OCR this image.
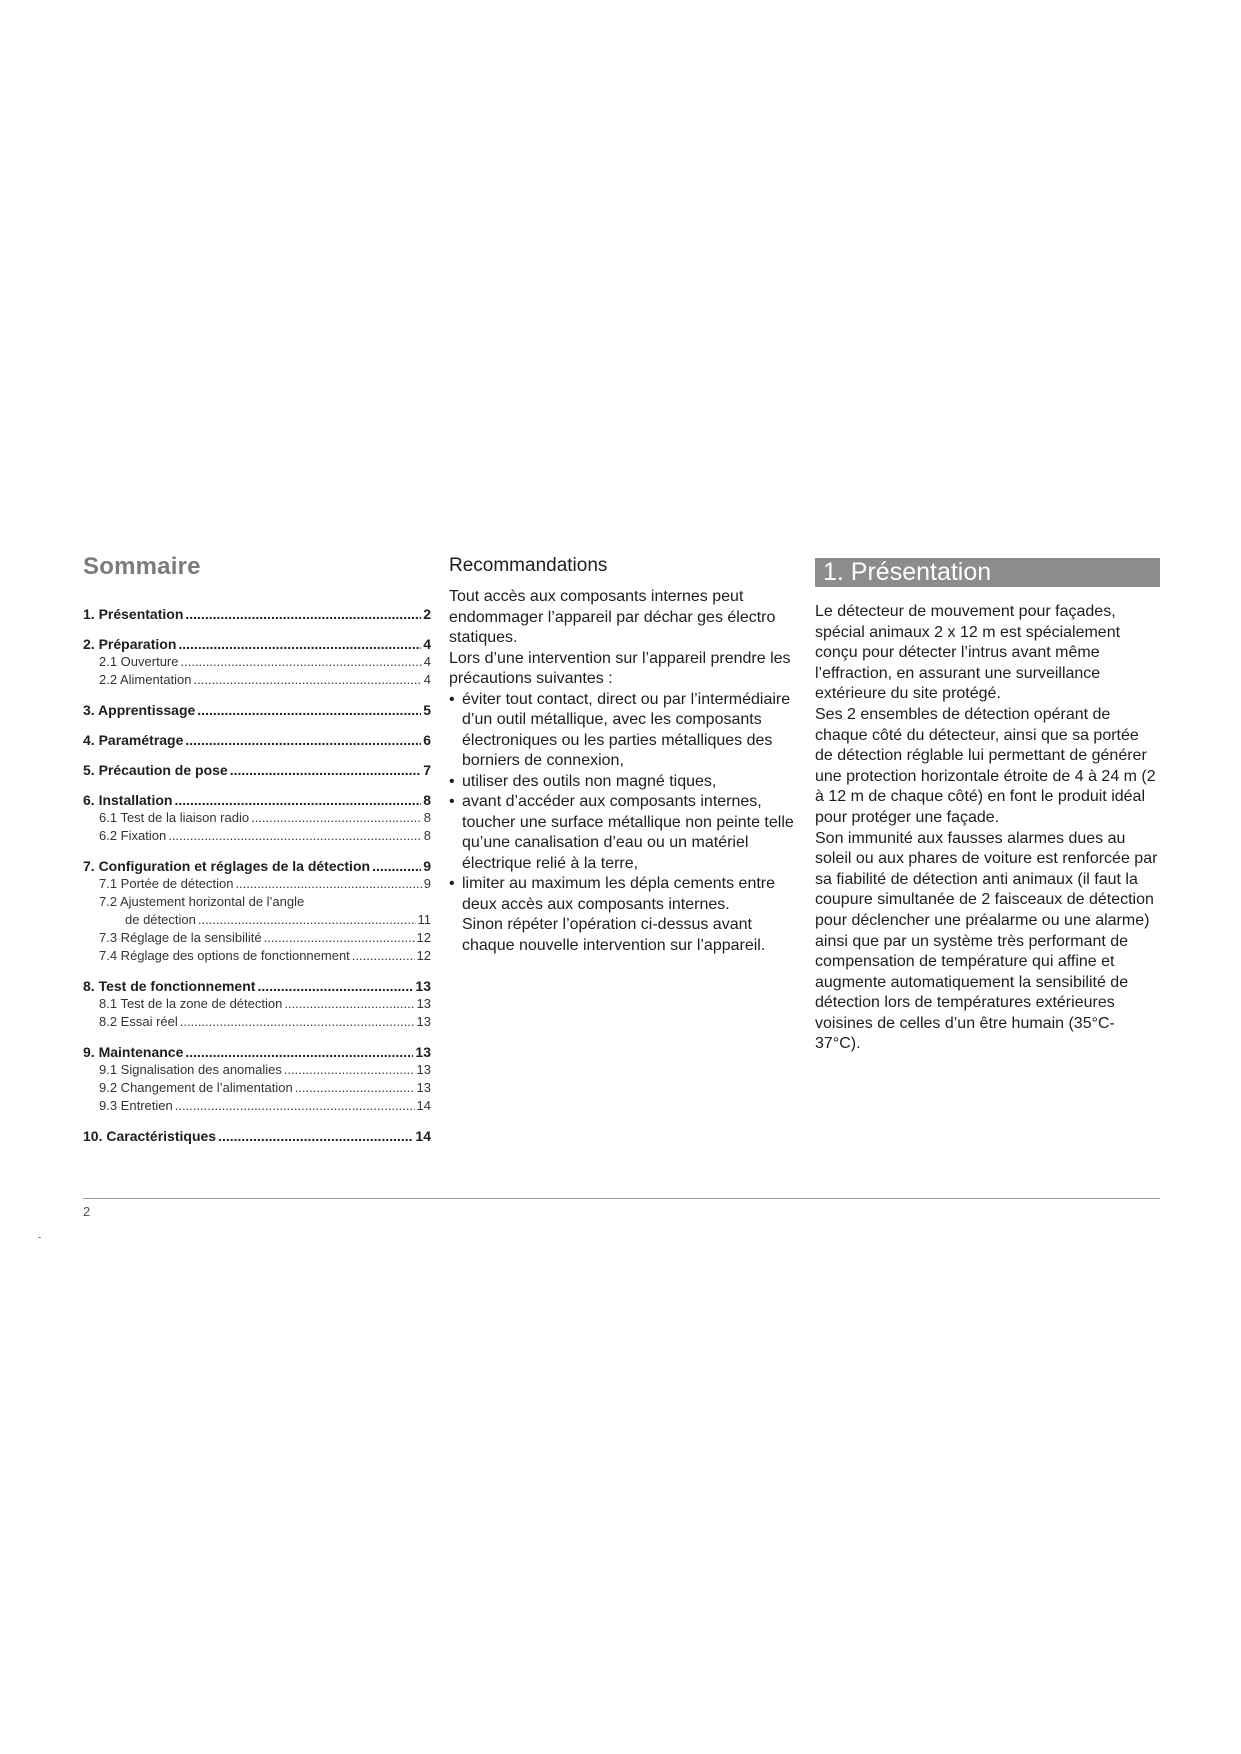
Sommaire
1. Présentation .....	2
2. Préparation .....	4
2.1 Ouverture .....	4
2.2 Alimentation .....	4
3. Apprentissage .....	5
4. Paramétrage .....	6
5. Précaution de pose .....	7
6. Installation .....	8
6.1 Test de la liaison radio .....	8
6.2 Fixation .....	8
7. Configuration et réglages de la détection .....	9
7.1 Portée de détection .....	9
7.2 Ajustement horizontal de l’angle
de détection .....	11
7.3 Réglage de la sensibilité .....	12
7.4 Réglage des options de fonctionnement .....	12
8. Test de fonctionnement .....	13
8.1 Test de la zone de détection .....	13
8.2 Essai réel .....	13
9. Maintenance .....	13
9.1 Signalisation des anomalies .....	13
9.2 Changement de l’alimentation .....	13
9.3 Entretien .....	14
10. Caractéristiques .....	14
Recommandations

Tout accès aux composants internes peut endommager l’appareil par déchar ges électro statiques.

Lors d’une intervention sur l’appareil prendre les précautions suivantes :

• éviter tout contact, direct ou par l’intermédiaire d’un outil métallique, avec les composants électroniques ou les parties métalliques des borniers de connexion,
• utiliser des outils non magné tiques,
• avant d’accéder aux composants internes, toucher une surface métallique non peinte telle qu’une canalisation d’eau ou un matériel électrique relié à la terre,
• limiter au maximum les dépla cements entre deux accès aux composants internes.

Sinon répéter l’opération ci-dessus avant chaque nouvelle intervention sur l’appareil.

1. Présentation

Le détecteur de mouvement pour façades, spécial animaux 2 x 12 m est spécialement conçu pour détecter l’intrus avant même l’effraction, en assurant une surveillance extérieure du site protégé.

Ses 2 ensembles de détection opérant de chaque côté du détecteur, ainsi que sa portée de détection réglable lui permettant de générer une protection horizontale étroite de 4 à 24 m (2 à 12 m de chaque côté) en font le produit idéal pour protéger une façade.

Son immunité aux fausses alarmes dues au soleil ou aux phares de voiture est renforcée par sa fiabilité de détection anti animaux (il faut la coupure simultanée de 2 faisceaux de détection pour déclencher une préalarme ou une alarme) ainsi que par un système très performant de compensation de température qui affine et augmente automatiquement la sensibilité de détection lors de températures extérieures voisines de celles d’un être humain (35°C- 37°C).

2
